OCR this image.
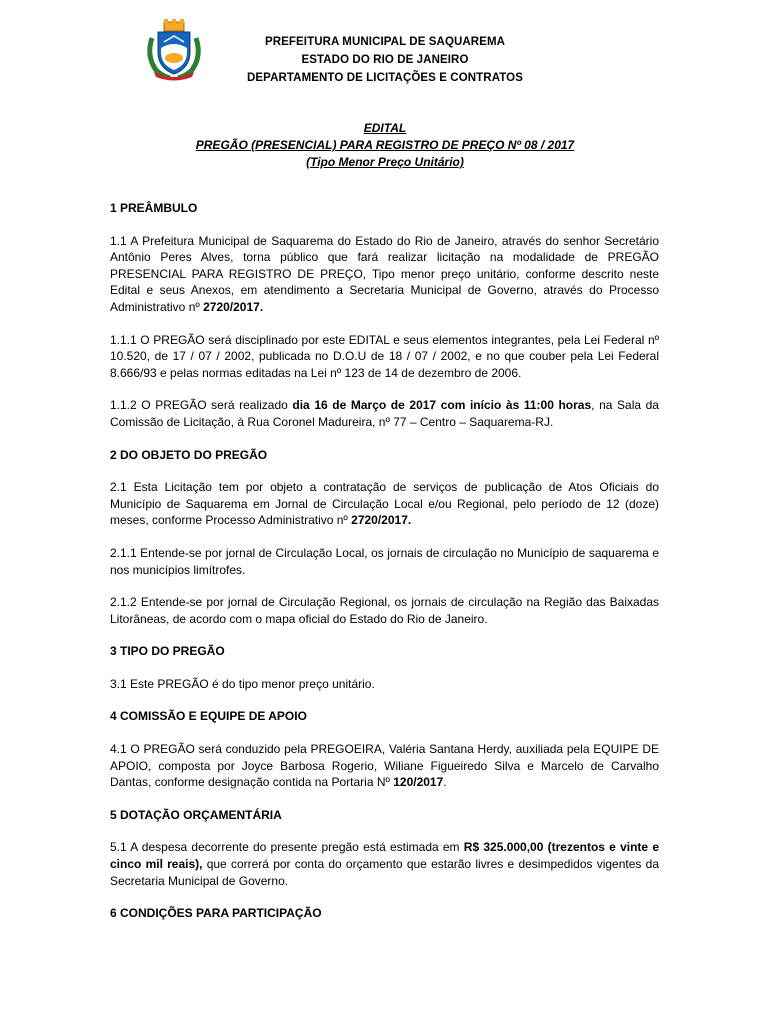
PREFEITURA MUNICIPAL DE SAQUAREMA
ESTADO DO RIO DE JANEIRO
DEPARTAMENTO DE LICITAÇÕES E CONTRATOS
EDITAL
PREGÃO (PRESENCIAL) PARA REGISTRO DE PREÇO Nº 08 / 2017
(Tipo Menor Preço Unitário)
1 PREÂMBULO

1.1 A Prefeitura Municipal de Saquarema do Estado do Rio de Janeiro, através do senhor Secretário Antônio Peres Alves, torna público que fará realizar licitação na modalidade de PREGÃO PRESENCIAL PARA REGISTRO DE PREÇO, Tipo menor preço unitário, conforme descrito neste Edital e seus Anexos, em atendimento a Secretaria Municipal de Governo, através do Processo Administrativo nº 2720/2017.

1.1.1 O PREGÃO será disciplinado por este EDITAL e seus elementos integrantes, pela Lei Federal nº 10.520, de 17 / 07 / 2002, publicada no D.O.U de 18 / 07 / 2002, e no que couber pela Lei Federal 8.666/93 e pelas normas editadas na Lei nº 123 de 14 de dezembro de 2006.

1.1.2 O PREGÃO será realizado dia 16 de Março de 2017 com início às 11:00 horas, na Sala da Comissão de Licitação, à Rua Coronel Madureira, nº 77 – Centro – Saquarema-RJ.

2 DO OBJETO DO PREGÃO

2.1 Esta Licitação tem por objeto a contratação de serviços de publicação de Atos Oficiais do Município de Saquarema em Jornal de Circulação Local e/ou Regional, pelo período de 12 (doze) meses, conforme Processo Administrativo nº 2720/2017.

2.1.1 Entende-se por jornal de Circulação Local, os jornais de circulação no Município de saquarema e nos municípios limítrofes.

2.1.2 Entende-se por jornal de Circulação Regional, os jornais de circulação na Região das Baixadas Litorâneas, de acordo com o mapa oficial do Estado do Rio de Janeiro.

3 TIPO DO PREGÃO

3.1 Este PREGÃO é do tipo menor preço unitário.

4 COMISSÃO E EQUIPE DE APOIO

4.1 O PREGÃO será conduzido pela PREGOEIRA, Valéria Santana Herdy, auxiliada pela EQUIPE DE APOIO, composta por Joyce Barbosa Rogerio, Wiliane Figueiredo Silva e Marcelo de Carvalho Dantas, conforme designação contida na Portaria Nº 120/2017.

5 DOTAÇÃO ORÇAMENTÁRIA

5.1 A despesa decorrente do presente pregão está estimada em R$ 325.000,00 (trezentos e vinte e cinco mil reais), que correrá por conta do orçamento que estarão livres e desimpedidos vigentes da Secretaria Municipal de Governo.

6 CONDIÇÕES PARA PARTICIPAÇÃO
